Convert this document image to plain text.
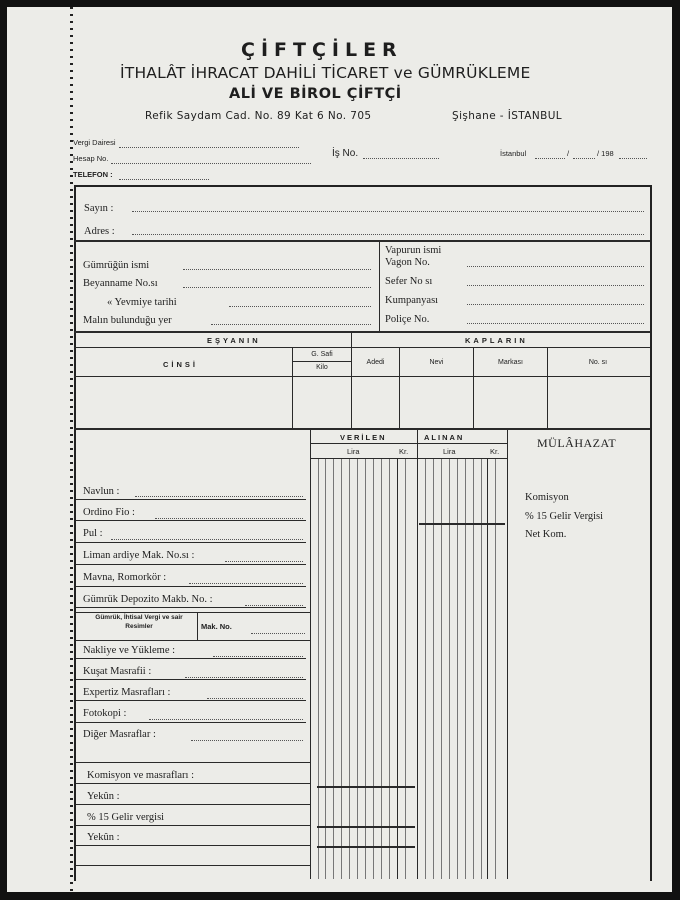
ÇİFTÇİLER
İTHALÂT İHRACAT DAHİLİ TİCARET ve GÜMRÜKLEME
ALİ VE BİROL ÇİFTÇİ
Refik Saydam Cad. No. 89 Kat 6 No. 705	Şişhane - İSTANBUL
Vergi Dairesi
Hesap No.
TELEFON :
İş No.	İstanbul	/	/ 198
Sayın :
Adres :
Gümrüğün ismi
Beyanname No.sı
« Yevmiye tarihi
Malın bulunduğu yer
Vapurun ismi
Vagon No.
Sefer No sı
Kumpanyası
Poliçe No.
EŞYANIN	KAPLARIN
CİNSİ
G. Safi
Kilo
Adedi	Nevi	Markası	No. sı
VERİLEN	ALINAN
Lira	Kr.	Lira	Kr.
MÜLÂHAZAT
Komisyon
% 15 Gelir Vergisi
Net Kom.
Navlun :
Ordino Fio :
Pul :
Liman ardiye Mak. No.sı :
Mavna, Romorkör :
Gümrük Depozito Makb. No. :
Gümrük, İhtisal Vergi ve sair Resimler	Mak. No.
Nakliye ve Yükleme :
Kuşat Masrafii :
Expertiz Masrafları :
Fotokopi :
Diğer Masraflar :
Komisyon ve masrafları :
Yekûn :
% 15 Gelir vergisi
Yekûn :
